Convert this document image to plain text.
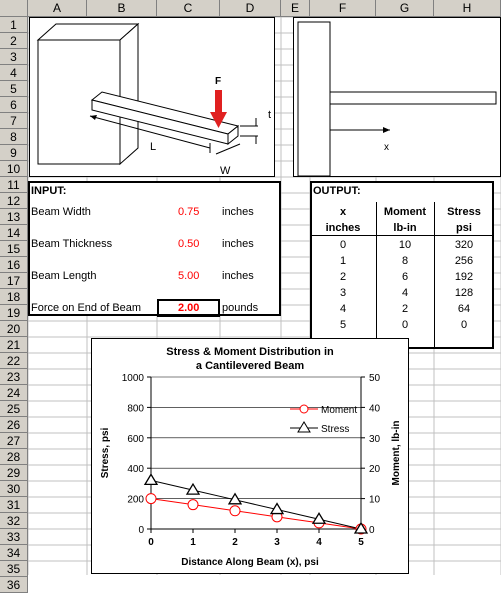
A	B	C	D	E	F	G	H
1
2
3
4
5
6
7
8
9
10
11
12
13
14
15
16
17
18
19
20
21
22
23
24
25
26
27
28
29
30
31
32
33
34
35
36
L
W
t
F
x
INPUT:
Beam Width	0.75 inches
Beam Thickness	0.50 inches
Beam Length	5.00 inches
Force on End of Beam	2.00 pounds
OUTPUT:
x
inches
Moment
lb-in
Stress
psi
0	10	320
1	8	256
2	6	192
3	4	128
4	2	64
5	0	0
Stress & Moment Distribution in
a Cantilevered Beam
0
200
400
600
800
1000
0
10
20
30
40
50
0	1	2	3	4	5
Distance Along Beam (x), psi
Stress, psi	Moment, lb-in
Moment
Stress
